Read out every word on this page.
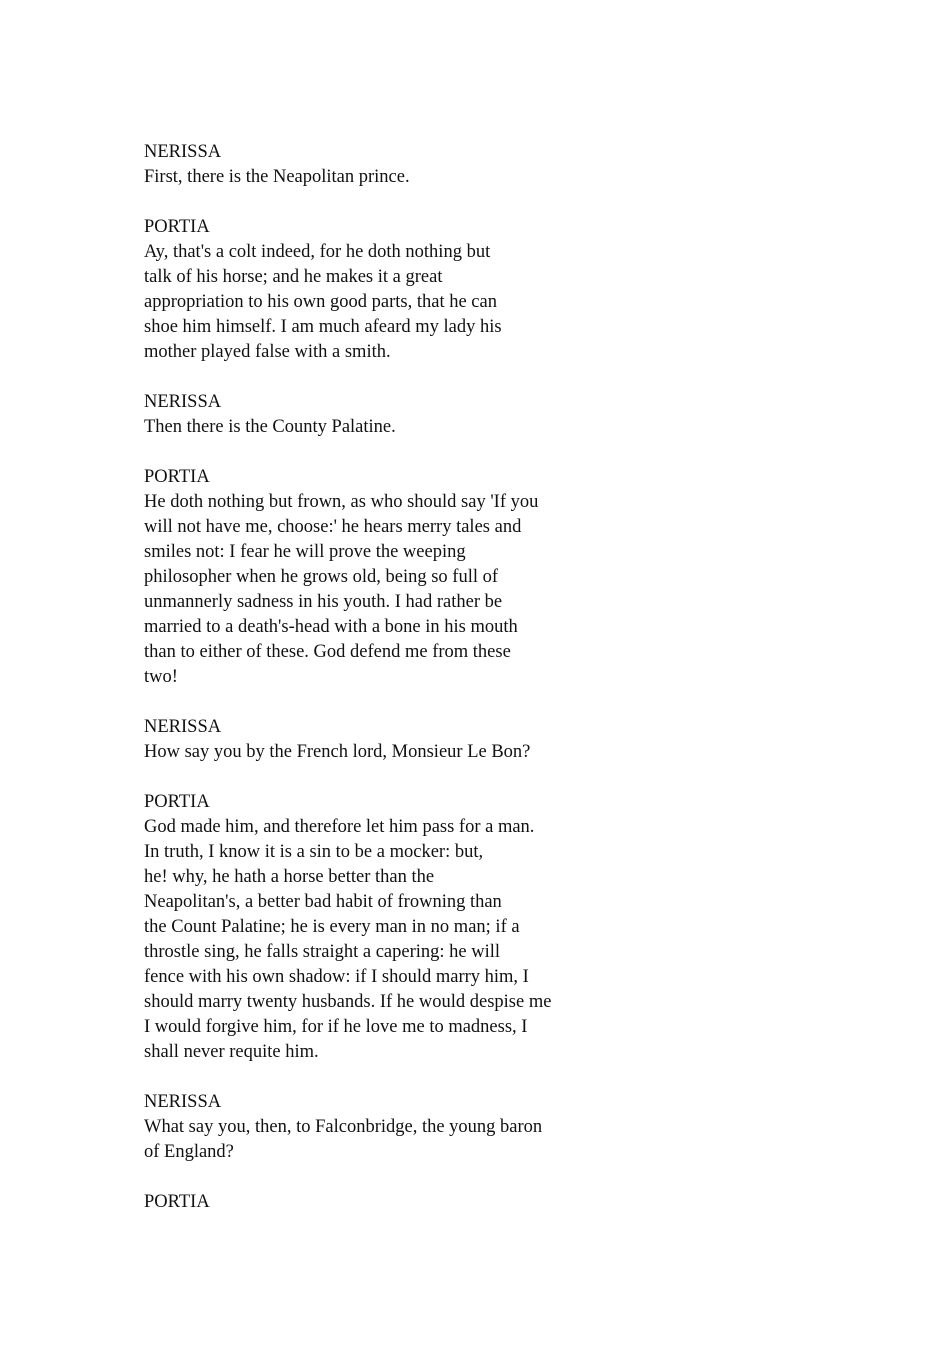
NERISSA
First, there is the Neapolitan prince.
PORTIA
Ay, that's a colt indeed, for he doth nothing but
talk of his horse; and he makes it a great
appropriation to his own good parts, that he can
shoe him himself. I am much afeard my lady his
mother played false with a smith.
NERISSA
Then there is the County Palatine.
PORTIA
He doth nothing but frown, as who should say 'If you
will not have me, choose:' he hears merry tales and
smiles not: I fear he will prove the weeping
philosopher when he grows old, being so full of
unmannerly sadness in his youth. I had rather be
married to a death's-head with a bone in his mouth
than to either of these. God defend me from these
two!
NERISSA
How say you by the French lord, Monsieur Le Bon?
PORTIA
God made him, and therefore let him pass for a man.
In truth, I know it is a sin to be a mocker: but,
he! why, he hath a horse better than the
Neapolitan's, a better bad habit of frowning than
the Count Palatine; he is every man in no man; if a
throstle sing, he falls straight a capering: he will
fence with his own shadow: if I should marry him, I
should marry twenty husbands. If he would despise me
I would forgive him, for if he love me to madness, I
shall never requite him.
NERISSA
What say you, then, to Falconbridge, the young baron
of England?
PORTIA
